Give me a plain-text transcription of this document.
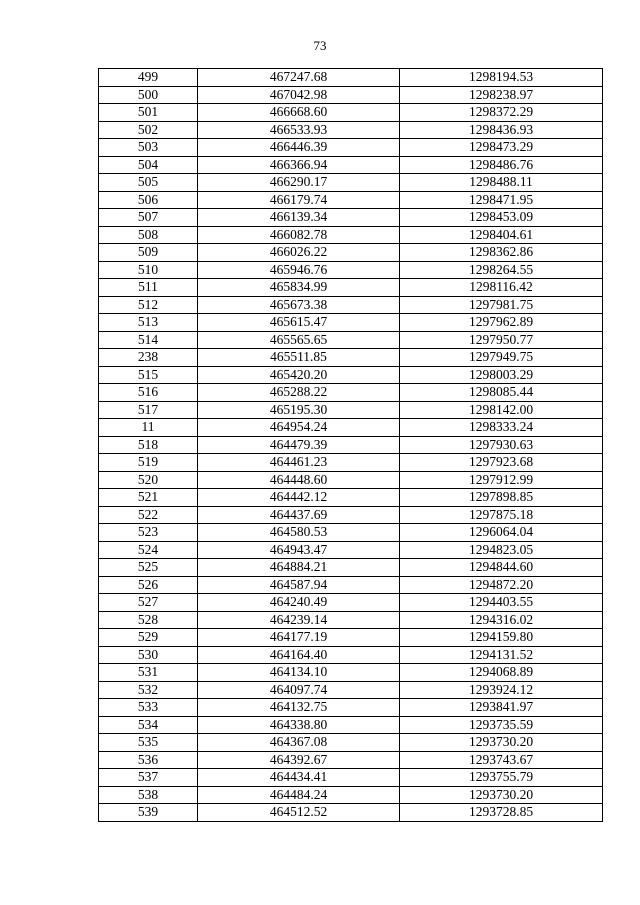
73
499	467247.68	1298194.53
500	467042.98	1298238.97
501	466668.60	1298372.29
502	466533.93	1298436.93
503	466446.39	1298473.29
504	466366.94	1298486.76
505	466290.17	1298488.11
506	466179.74	1298471.95
507	466139.34	1298453.09
508	466082.78	1298404.61
509	466026.22	1298362.86
510	465946.76	1298264.55
511	465834.99	1298116.42
512	465673.38	1297981.75
513	465615.47	1297962.89
514	465565.65	1297950.77
238	465511.85	1297949.75
515	465420.20	1298003.29
516	465288.22	1298085.44
517	465195.30	1298142.00
11	464954.24	1298333.24
518	464479.39	1297930.63
519	464461.23	1297923.68
520	464448.60	1297912.99
521	464442.12	1297898.85
522	464437.69	1297875.18
523	464580.53	1296064.04
524	464943.47	1294823.05
525	464884.21	1294844.60
526	464587.94	1294872.20
527	464240.49	1294403.55
528	464239.14	1294316.02
529	464177.19	1294159.80
530	464164.40	1294131.52
531	464134.10	1294068.89
532	464097.74	1293924.12
533	464132.75	1293841.97
534	464338.80	1293735.59
535	464367.08	1293730.20
536	464392.67	1293743.67
537	464434.41	1293755.79
538	464484.24	1293730.20
539	464512.52	1293728.85
